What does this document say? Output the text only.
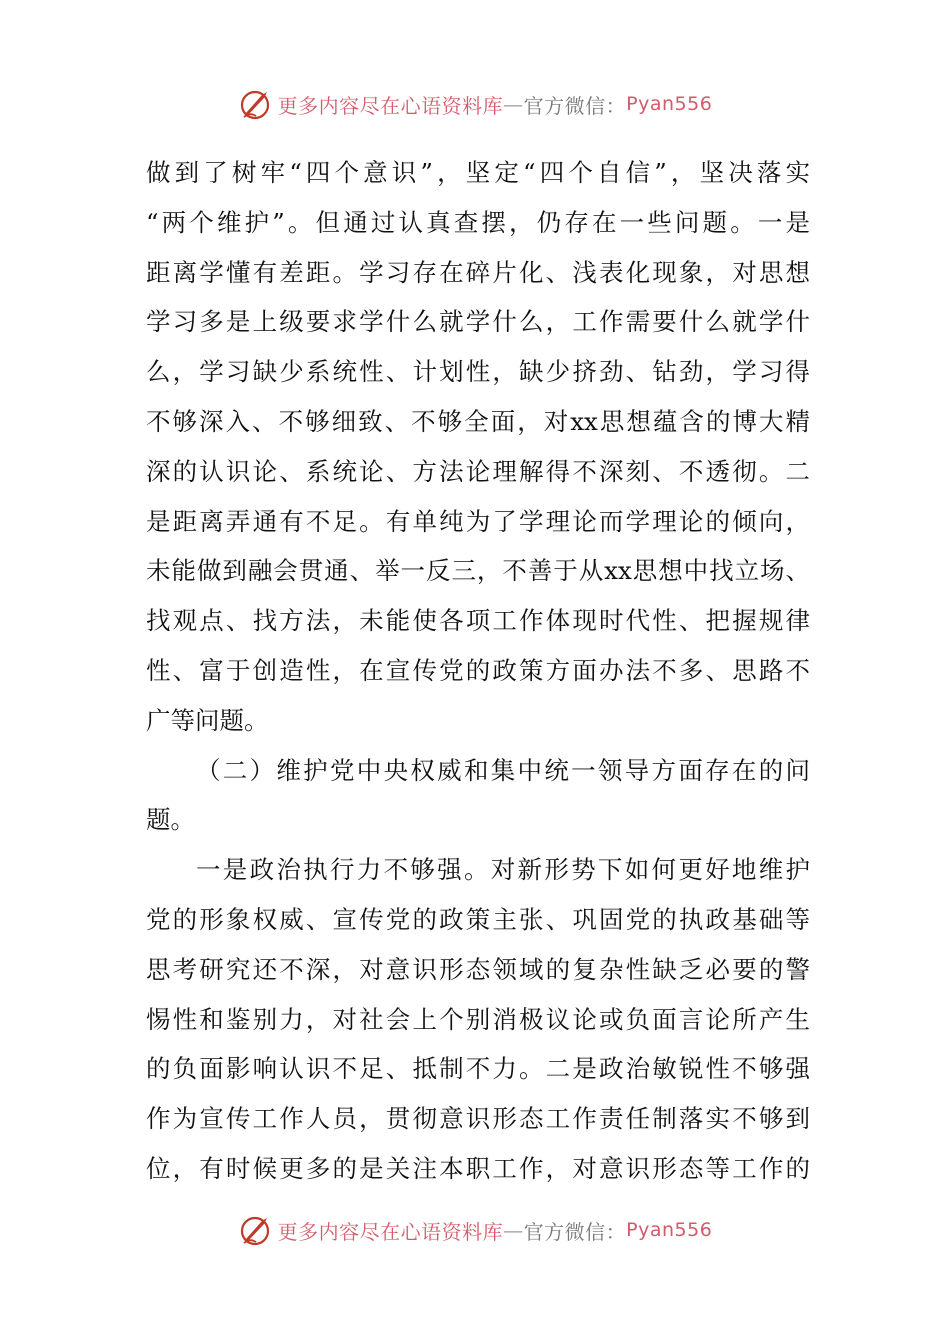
更多内容尽在心语资料库 — 官方微信： Pyan556
做到了树牢“四个意识”，坚定“四个自信”，坚决落实
“两个维护”。但通过认真查摆，仍存在一些问题。一是
距离学懂有差距。学习存在碎片化、浅表化现象，对思想
学习多是上级要求学什么就学什么，工作需要什么就学什
么，学习缺少系统性、计划性，缺少挤劲、钻劲，学习得
不够深入、不够细致、不够全面，对xx思想蕴含的博大精
深的认识论、系统论、方法论理解得不深刻、不透彻。二
是距离弄通有不足。有单纯为了学理论而学理论的倾向，
未能做到融会贯通、举一反三，不善于从xx思想中找立场、
找观点、找方法，未能使各项工作体现时代性、把握规律
性、富于创造性，在宣传党的政策方面办法不多、思路不
广等问题。
（二）维护党中央权威和集中统一领导方面存在的问
题。
一是政治执行力不够强。对新形势下如何更好地维护
党的形象权威、宣传党的政策主张、巩固党的执政基础等
思考研究还不深，对意识形态领域的复杂性缺乏必要的警
惕性和鉴别力，对社会上个别消极议论或负面言论所产生
的负面影响认识不足、抵制不力。二是政治敏锐性不够强
作为宣传工作人员，贯彻意识形态工作责任制落实不够到
位，有时候更多的是关注本职工作，对意识形态等工作的
更多内容尽在心语资料库 — 官方微信： Pyan556
